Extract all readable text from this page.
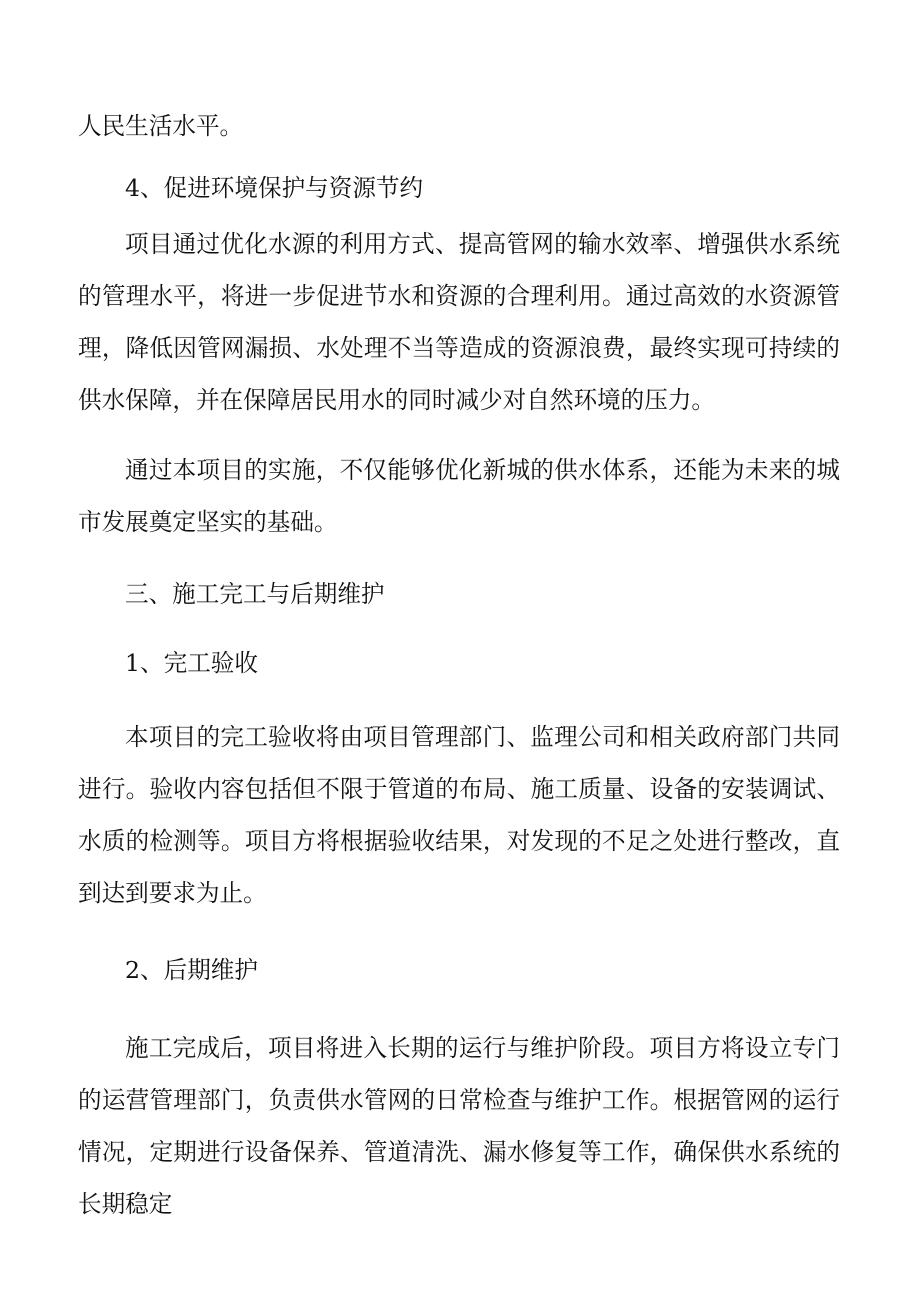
人民生活水平。
4、促进环境保护与资源节约
项目通过优化水源的利用方式、提高管网的输水效率、增强供水系统的管理水平，将进一步促进节水和资源的合理利用。通过高效的水资源管理，降低因管网漏损、水处理不当等造成的资源浪费，最终实现可持续的供水保障，并在保障居民用水的同时减少对自然环境的压力。
通过本项目的实施，不仅能够优化新城的供水体系，还能为未来的城市发展奠定坚实的基础。
三、施工完工与后期维护
1、完工验收
本项目的完工验收将由项目管理部门、监理公司和相关政府部门共同进行。验收内容包括但不限于管道的布局、施工质量、设备的安装调试、水质的检测等。项目方将根据验收结果，对发现的不足之处进行整改，直到达到要求为止。
2、后期维护
施工完成后，项目将进入长期的运行与维护阶段。项目方将设立专门的运营管理部门，负责供水管网的日常检查与维护工作。根据管网的运行情况，定期进行设备保养、管道清洗、漏水修复等工作，确保供水系统的长期稳定
